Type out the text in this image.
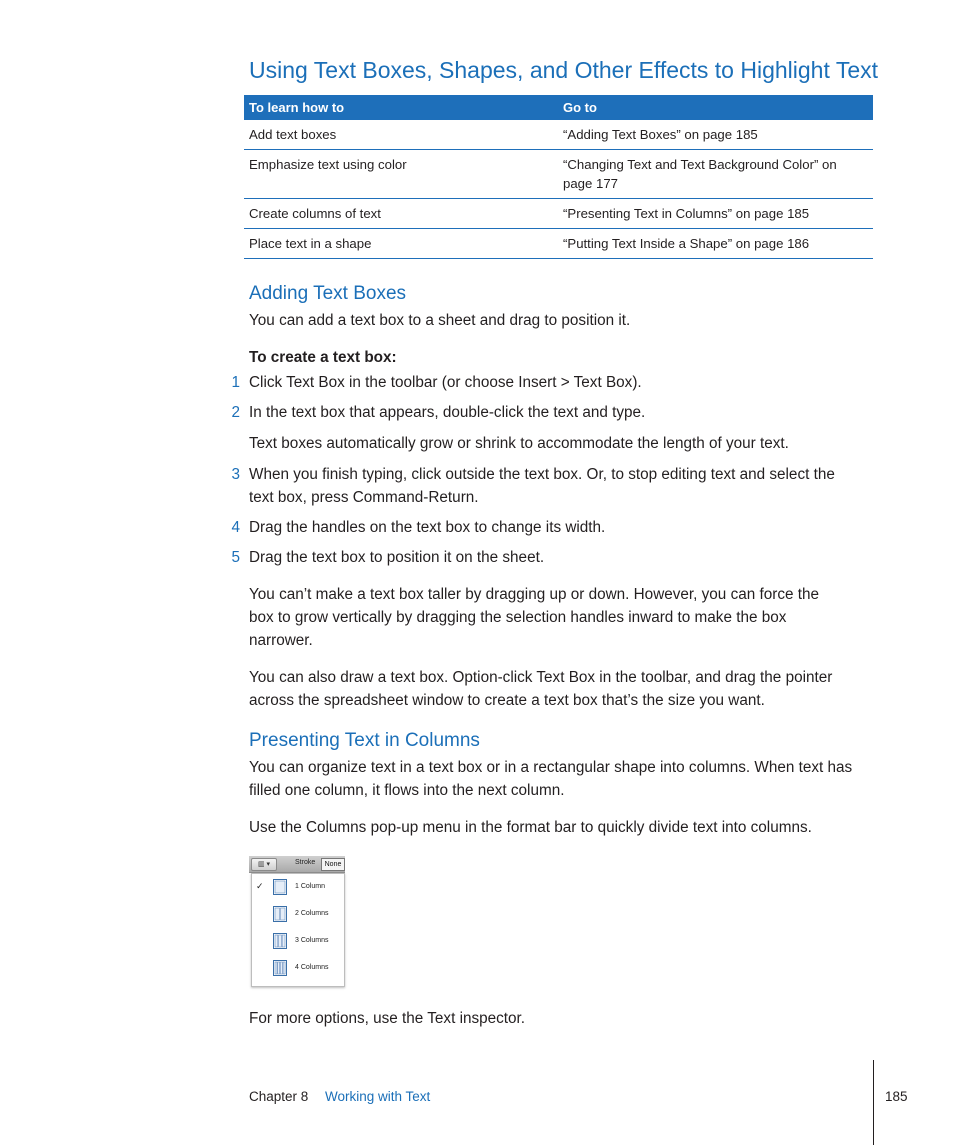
Using Text Boxes, Shapes, and Other Effects to Highlight Text
To learn how to	Go to
Add text boxes	“Adding Text Boxes” on page 185
Emphasize text using color	“Changing Text and Text Background Color” on page 177
Create columns of text	“Presenting Text in Columns” on page 185
Place text in a shape	“Putting Text Inside a Shape” on page 186
Adding Text Boxes
You can add a text box to a sheet and drag to position it.
To create a text box:
1 Click Text Box in the toolbar (or choose Insert > Text Box).
2 In the text box that appears, double-click the text and type.
Text boxes automatically grow or shrink to accommodate the length of your text.
3 When you finish typing, click outside the text box. Or, to stop editing text and select the text box, press Command-Return.
4 Drag the handles on the text box to change its width.
5 Drag the text box to position it on the sheet.
You can’t make a text box taller by dragging up or down. However, you can force the box to grow vertically by dragging the selection handles inward to make the box narrower.
You can also draw a text box. Option-click Text Box in the toolbar, and drag the pointer across the spreadsheet window to create a text box that’s the size you want.
Presenting Text in Columns
You can organize text in a text box or in a rectangular shape into columns. When text has filled one column, it flows into the next column.
Use the Columns pop-up menu in the format bar to quickly divide text into columns.
▥ ▾	Stroke	None
✓	1 Column
2 Columns
3 Columns
4 Columns
For more options, use the Text inspector.
Chapter 8 Working with Text	185
